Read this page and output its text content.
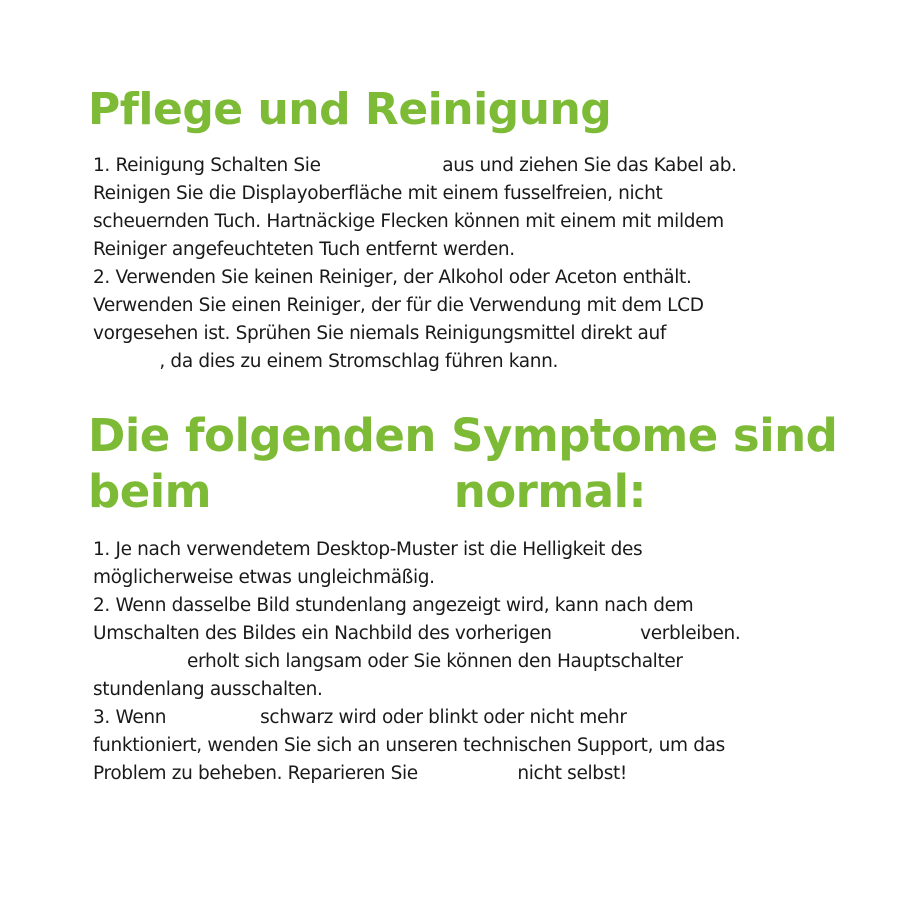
Pflege und Reinigung
1. Reinigung Schalten Sie                      aus und ziehen Sie das Kabel ab.
Reinigen Sie die Displayoberfläche mit einem fusselfreien, nicht
scheuernden Tuch. Hartnäckige Flecken können mit einem mit mildem
Reiniger angefeuchteten Tuch entfernt werden.
2. Verwenden Sie keinen Reiniger, der Alkohol oder Aceton enthält.
Verwenden Sie einen Reiniger, der für die Verwendung mit dem LCD
vorgesehen ist. Sprühen Sie niemals Reinigungsmittel direkt auf
, da dies zu einem Stromschlag führen kann.
Die folgenden Symptome sind
beim                normal:
1. Je nach verwendetem Desktop-Muster ist die Helligkeit des
möglicherweise etwas ungleichmäßig.
2. Wenn dasselbe Bild stundenlang angezeigt wird, kann nach dem
Umschalten des Bildes ein Nachbild des vorherigen                verbleiben.
erholt sich langsam oder Sie können den Hauptschalter
stundenlang ausschalten.
3. Wenn                 schwarz wird oder blinkt oder nicht mehr
funktioniert, wenden Sie sich an unseren technischen Support, um das
Problem zu beheben. Reparieren Sie                  nicht selbst!
